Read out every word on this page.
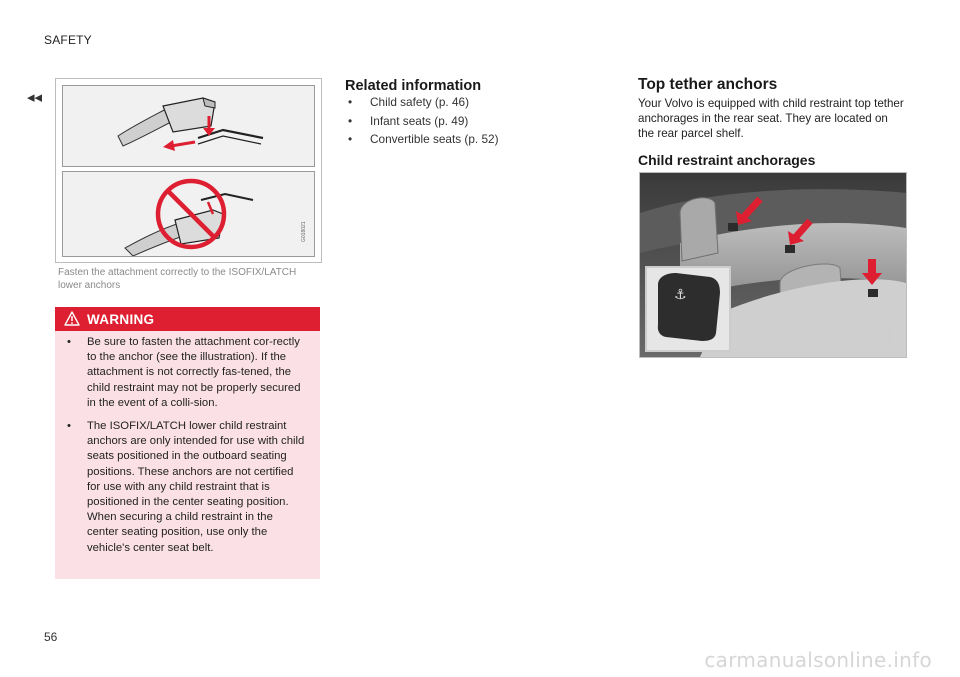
SAFETY
◂◂
G018021
Fasten the attachment correctly to the ISOFIX/LATCH lower anchors
WARNING
• Be sure to fasten the attachment cor-rectly to the anchor (see the illustration). If the attachment is not correctly fas-tened, the child restraint may not be properly secured in the event of a colli-sion.
• The ISOFIX/LATCH lower child restraint anchors are only intended for use with child seats positioned in the outboard seating positions. These anchors are not certified for use with any child restraint that is positioned in the center seating position. When securing a child restraint in the center seating position, use only the vehicle's center seat belt.
Related information
• Child safety (p. 46)
• Infant seats (p. 49)
• Convertible seats (p. 52)
Top tether anchors
Your Volvo is equipped with child restraint top tether anchorages in the rear seat. They are located on the rear parcel shelf.
Child restraint anchorages
⚓
G040499
56
carmanualsonline.info
